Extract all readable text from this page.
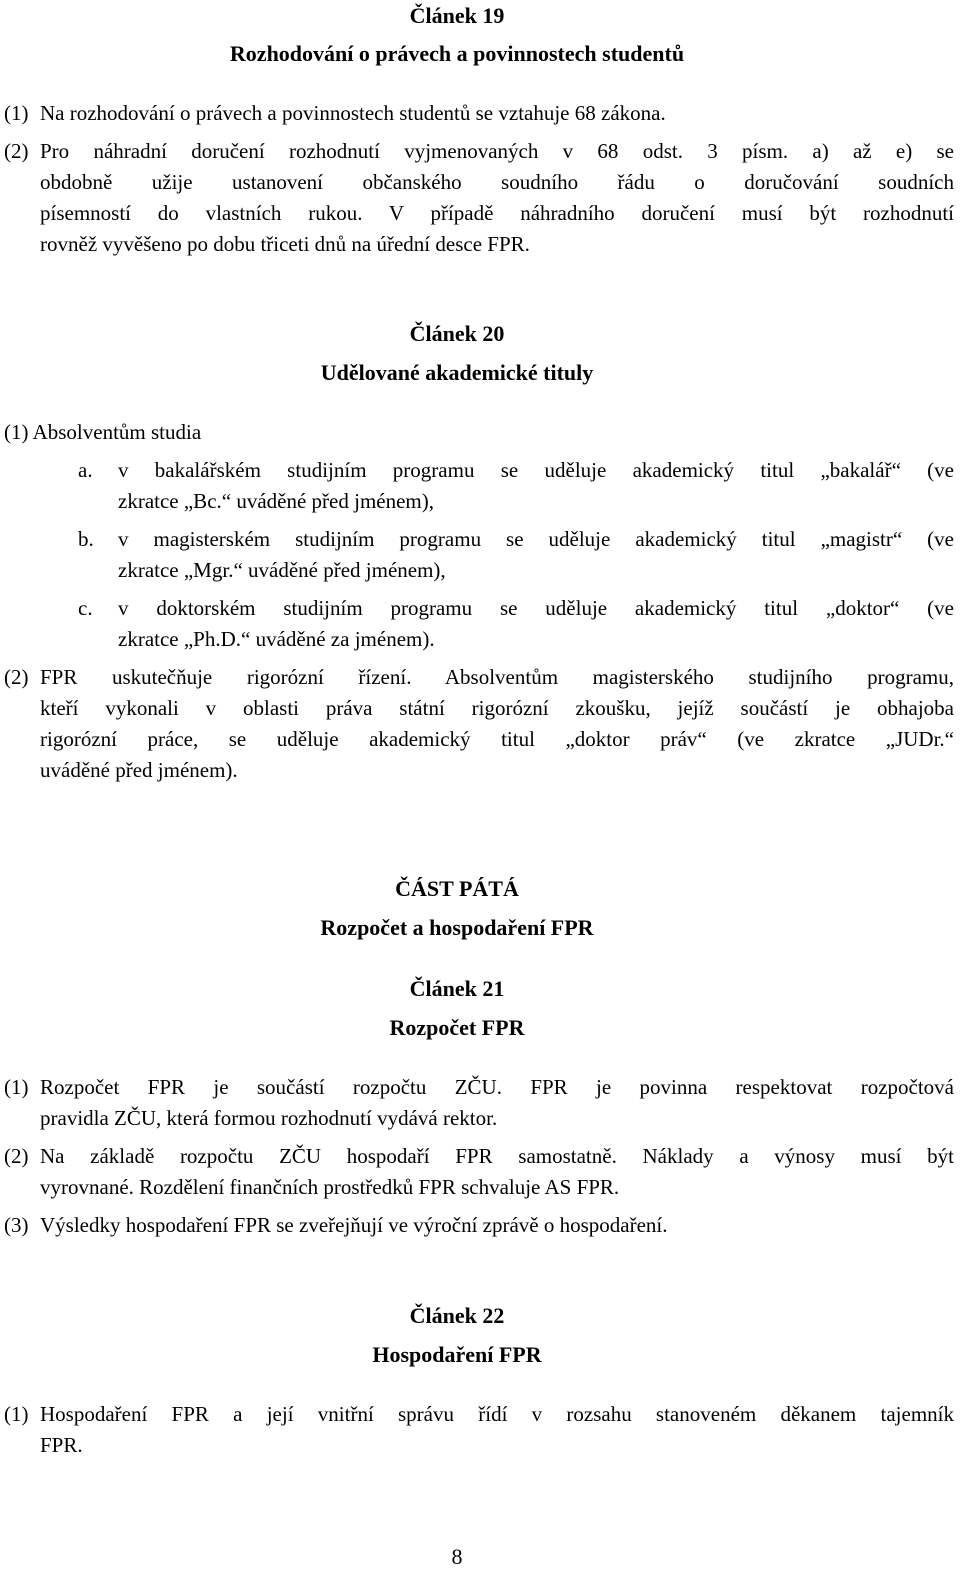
Článek 19
Rozhodování o právech a povinnostech studentů
(1) Na rozhodování o právech a povinnostech studentů se vztahuje 68 zákona.
(2) Pro náhradní doručení rozhodnutí vyjmenovaných v 68 odst. 3 písm. a) až e) se
obdobně užije ustanovení občanského soudního řádu o doručování soudních
písemností do vlastních rukou. V případě náhradního doručení musí být rozhodnutí
rovněž vyvěšeno po dobu třiceti dnů na úřední desce FPR.
Článek 20
Udělované akademické tituly
(1) Absolventům studia
a. v bakalářském studijním programu se uděluje akademický titul „bakalář“ (ve
zkratce „Bc.“ uváděné před jménem),
b. v magisterském studijním programu se uděluje akademický titul „magistr“ (ve
zkratce „Mgr.“ uváděné před jménem),
c. v doktorském studijním programu se uděluje akademický titul „doktor“ (ve
zkratce „Ph.D.“ uváděné za jménem).
(2) FPR uskutečňuje rigorózní řízení. Absolventům magisterského studijního programu,
kteří vykonali v oblasti práva státní rigorózní zkoušku, jejíž součástí je obhajoba
rigorózní práce, se uděluje akademický titul „doktor práv“ (ve zkratce „JUDr.“
uváděné před jménem).
ČÁST PÁTÁ
Rozpočet a hospodaření FPR
Článek 21
Rozpočet FPR
(1) Rozpočet FPR je součástí rozpočtu ZČU. FPR je povinna respektovat rozpočtová
pravidla ZČU, která formou rozhodnutí vydává rektor.
(2) Na základě rozpočtu ZČU hospodaří FPR samostatně. Náklady a výnosy musí být
vyrovnané. Rozdělení finančních prostředků FPR schvaluje AS FPR.
(3) Výsledky hospodaření FPR se zveřejňují ve výroční zprávě o hospodaření.
Článek 22
Hospodaření FPR
(1) Hospodaření FPR a její vnitřní správu řídí v rozsahu stanoveném děkanem tajemník
FPR.
8
